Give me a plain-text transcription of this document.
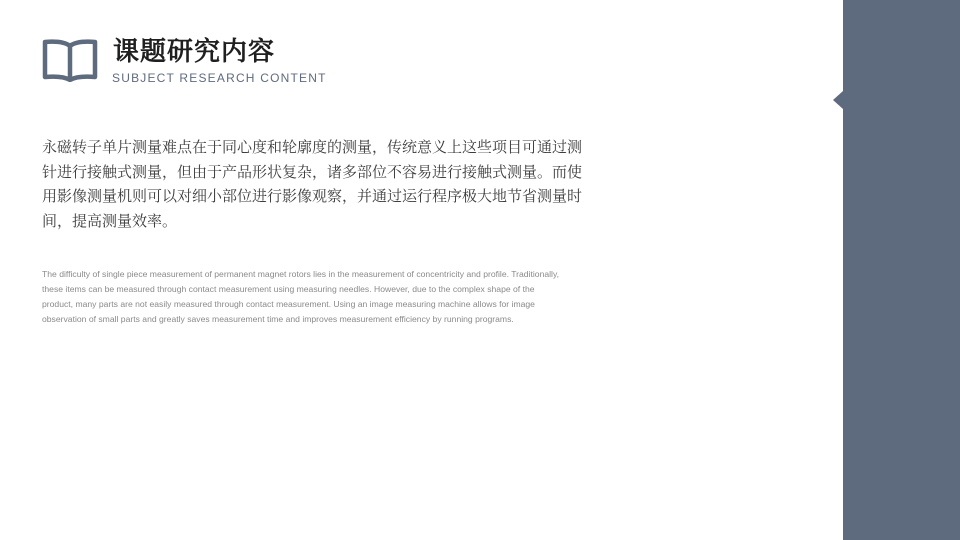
课题研究内容
SUBJECT RESEARCH CONTENT

永磁转子单片测量难点在于同心度和轮廓度的测量，传统意义上这些项目可通过测针进行接触式测量，但由于产品形状复杂，诸多部位不容易进行接触式测量。而使用影像测量机则可以对细小部位进行影像观察，并通过运行程序极大地节省测量时间，提高测量效率。

The difficulty of single piece measurement of permanent magnet rotors lies in the measurement of concentricity and profile. Traditionally, these items can be measured through contact measurement using measuring needles. However, due to the complex shape of the product, many parts are not easily measured through contact measurement. Using an image measuring machine allows for image observation of small parts and greatly saves measurement time and improves measurement efficiency by running programs.
